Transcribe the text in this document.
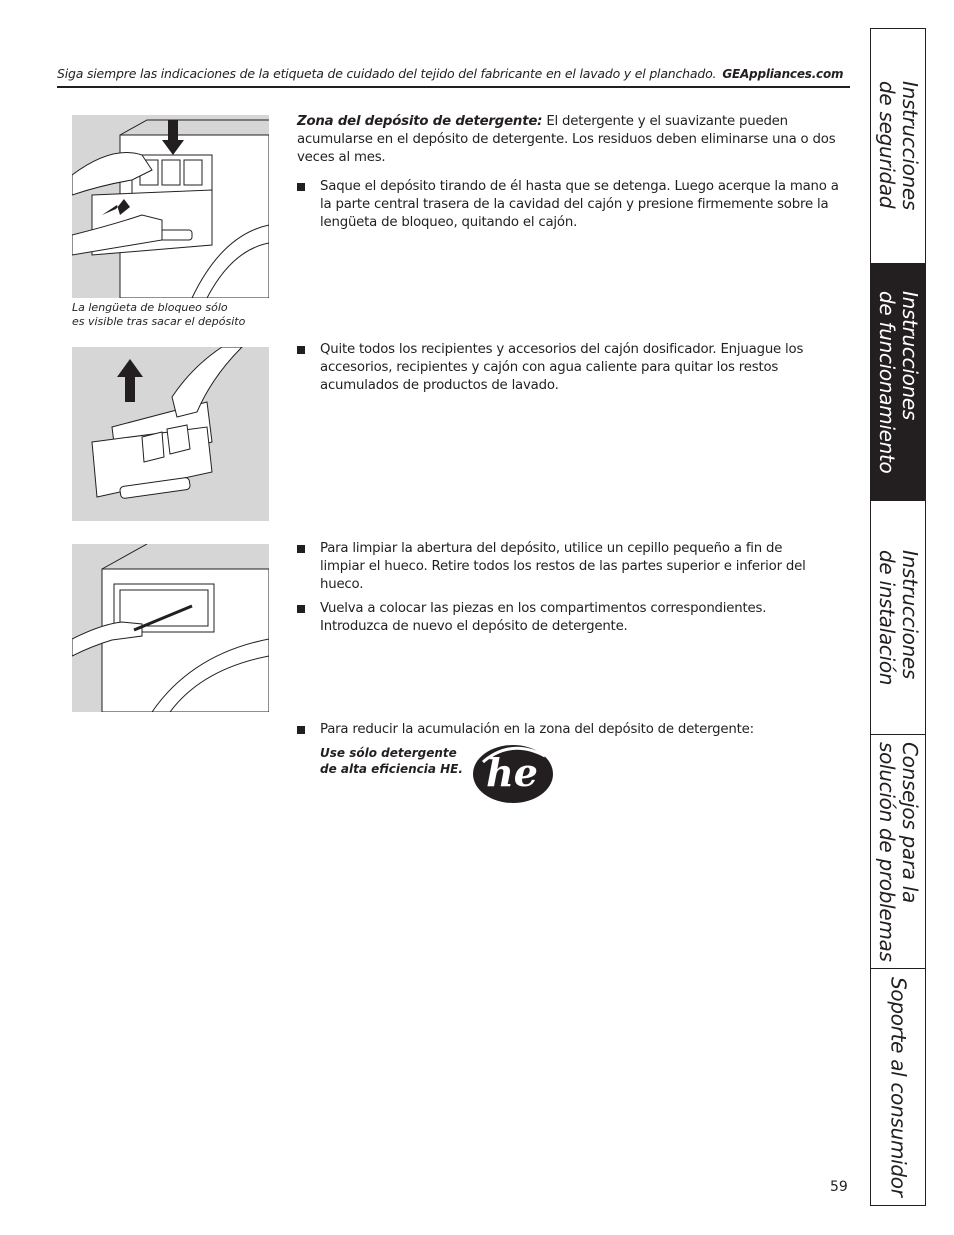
Siga siempre las indicaciones de la etiqueta de cuidado del tejido del fabricante en el lavado y el planchado. GEAppliances.com
La lengüeta de bloqueo sólo
es visible tras sacar el depósito

Zona del depósito de detergente: El detergente y el suavizante pueden acumularse en el depósito de detergente. Los residuos deben eliminarse una o dos veces al mes.

Saque el depósito tirando de él hasta que se detenga. Luego acerque la mano a la parte central trasera de la cavidad del cajón y presione firmemente sobre la lengüeta de bloqueo, quitando el cajón.
Quite todos los recipientes y accesorios del cajón dosificador. Enjuague los accesorios, recipientes y cajón con agua caliente para quitar los restos acumulados de productos de lavado.
Para limpiar la abertura del depósito, utilice un cepillo pequeño a fin de limpiar el hueco. Retire todos los restos de las partes superior e inferior del hueco.
Vuelva a colocar las piezas en los compartimentos correspondientes. Introduzca de nuevo el depósito de detergente.
Para reducir la acumulación en la zona del depósito de detergente:
Use sólo detergente
de alta eficiencia HE. he
Instrucciones
de seguridad
Instrucciones
de funcionamiento
Instrucciones
de instalación
Consejos para la
solución de problemas
Soporte al consumidor
59
